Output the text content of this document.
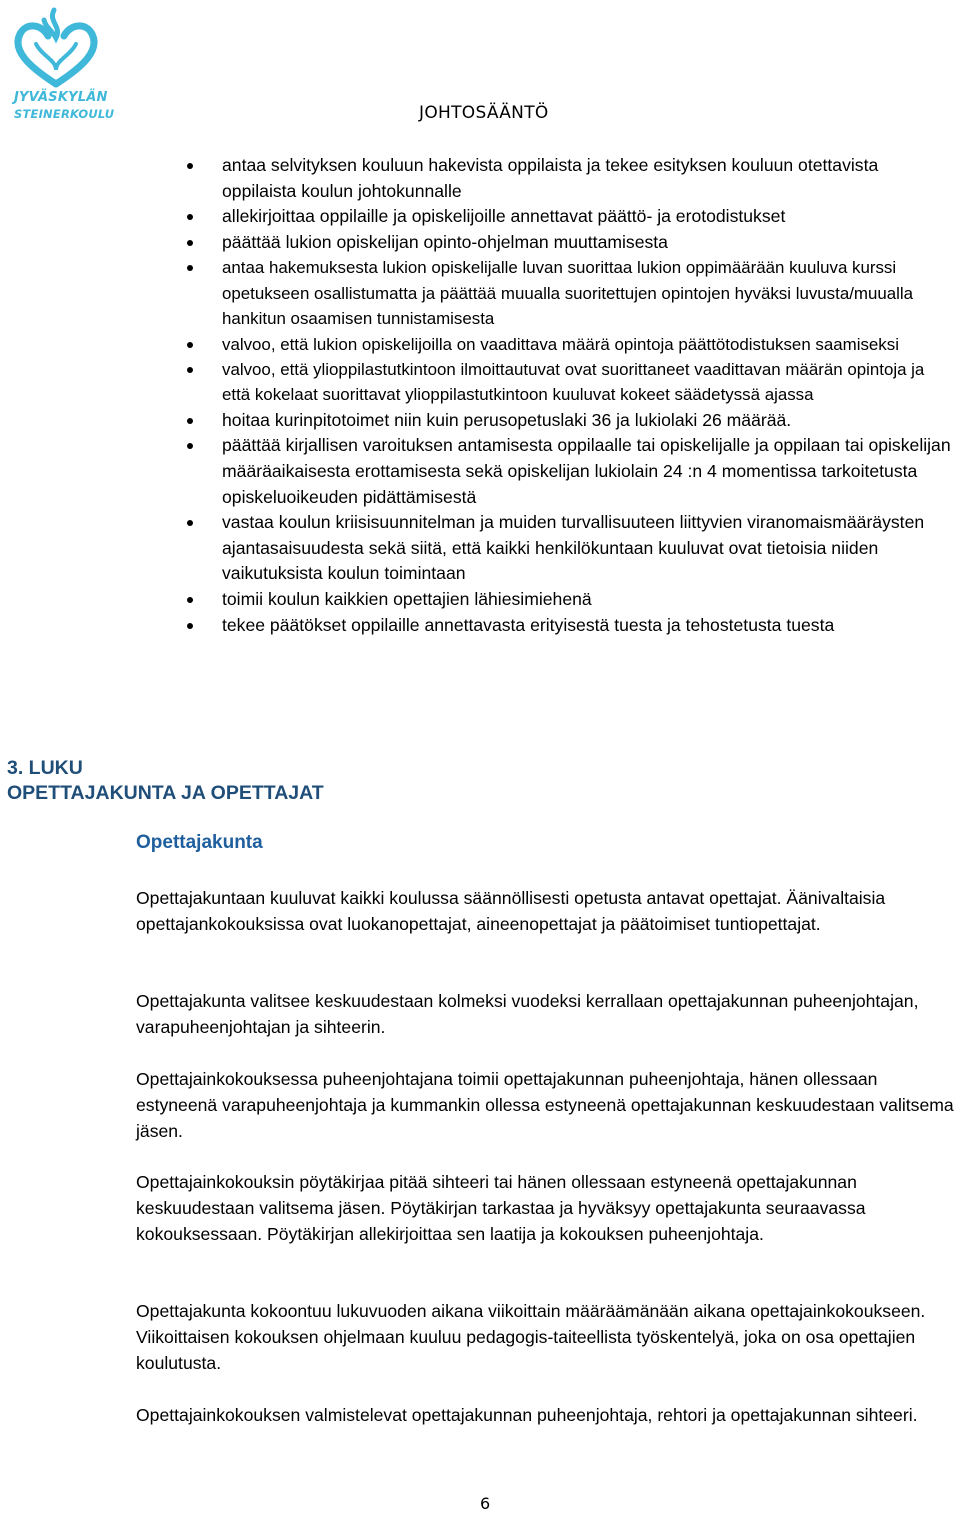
JYVÄSKYLÄN
STEINERKOULU	JOHTOSÄÄNTÖ
antaa selvityksen kouluun hakevista oppilaista ja tekee esityksen kouluun otettavista oppilaista koulun johtokunnalle
allekirjoittaa oppilaille ja opiskelijoille annettavat päättö- ja erotodistukset
päättää lukion opiskelijan opinto-ohjelman muuttamisesta
antaa hakemuksesta lukion opiskelijalle luvan suorittaa lukion oppimäärään kuuluva kurssi opetukseen osallistumatta ja päättää muualla suoritettujen opintojen hyväksi luvusta/muualla hankitun osaamisen tunnistamisesta
valvoo, että lukion opiskelijoilla on vaadittava määrä opintoja päättötodistuksen saamiseksi
valvoo, että ylioppilastutkintoon ilmoittautuvat ovat suorittaneet vaadittavan määrän opintoja ja että kokelaat suorittavat ylioppilastutkintoon kuuluvat kokeet säädetyssä ajassa
hoitaa kurinpitotoimet niin kuin perusopetuslaki 36 ja lukiolaki 26 määrää.
päättää kirjallisen varoituksen antamisesta oppilaalle tai opiskelijalle ja oppilaan tai opiskelijan määräaikaisesta erottamisesta sekä opiskelijan lukiolain 24 :n 4 momentissa tarkoitetusta opiskeluoikeuden pidättämisestä
vastaa koulun kriisisuunnitelman ja muiden turvallisuuteen liittyvien viranomaismääräysten ajantasaisuudesta sekä siitä, että kaikki henkilökuntaan kuuluvat ovat tietoisia niiden vaikutuksista koulun toimintaan
toimii koulun kaikkien opettajien lähiesimiehenä
tekee päätökset oppilaille annettavasta erityisestä tuesta ja tehostetusta tuesta
3. LUKU
OPETTAJAKUNTA JA OPETTAJAT
Opettajakunta

Opettajakuntaan kuuluvat kaikki koulussa säännöllisesti opetusta antavat opettajat. Äänivaltaisia opettajankokouksissa ovat luokanopettajat, aineenopettajat ja päätoimiset tuntiopettajat.

Opettajakunta valitsee keskuudestaan kolmeksi vuodeksi kerrallaan opettajakunnan puheenjohtajan, varapuheenjohtajan ja sihteerin.

Opettajainkokouksessa puheenjohtajana toimii opettajakunnan puheenjohtaja, hänen ollessaan estyneenä varapuheenjohtaja ja kummankin ollessa estyneenä opettajakunnan keskuudestaan valitsema jäsen.

Opettajainkokouksin pöytäkirjaa pitää sihteeri tai hänen ollessaan estyneenä opettajakunnan keskuudestaan valitsema jäsen. Pöytäkirjan tarkastaa ja hyväksyy opettajakunta seuraavassa kokouksessaan. Pöytäkirjan allekirjoittaa sen laatija ja kokouksen puheenjohtaja.

Opettajakunta kokoontuu lukuvuoden aikana viikoittain määräämänään aikana opettajainkokoukseen. Viikoittaisen kokouksen ohjelmaan kuuluu pedagogis-taiteellista työskentelyä, joka on osa opettajien koulutusta.

Opettajainkokouksen valmistelevat opettajakunnan puheenjohtaja, rehtori ja opettajakunnan sihteeri.

6
